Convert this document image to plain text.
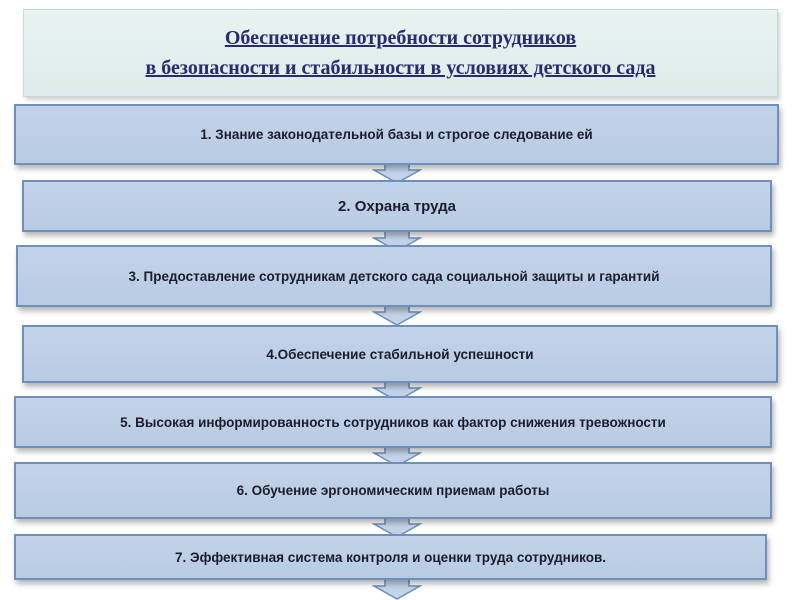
Обеспечение потребности сотрудников
в безопасности и стабильности в условиях детского сада
1. Знание законодательной базы и строгое следование ей
2. Охрана труда
3. Предоставление сотрудникам детского сада социальной защиты и гарантий
4.Обеспечение стабильной успешности
5. Высокая информированность сотрудников как фактор снижения тревожности
6. Обучение эргономическим приемам работы
7. Эффективная система контроля и оценки труда сотрудников.
